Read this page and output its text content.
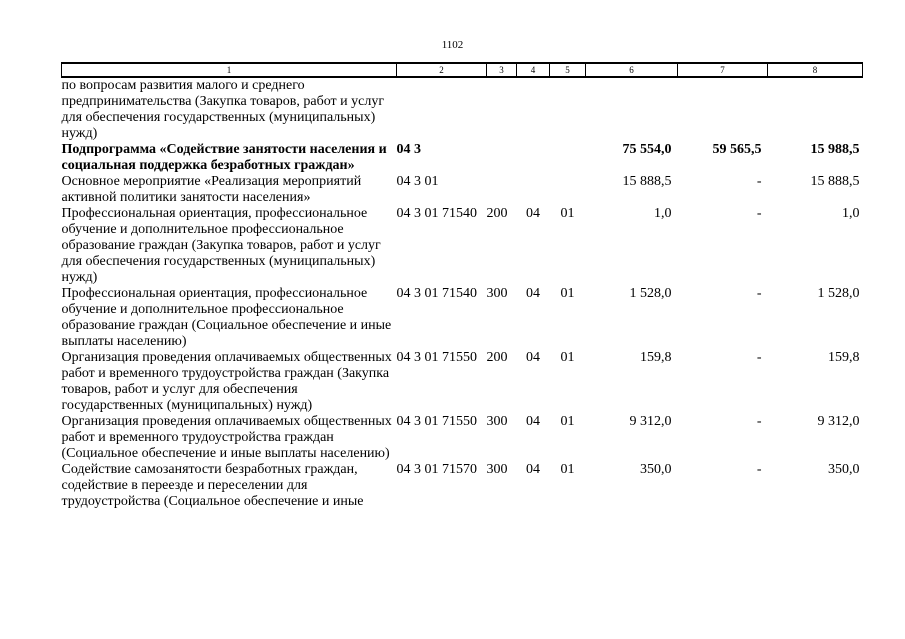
1102
1	2	3	4	5	6	7	8
по вопросам развития малого и среднего предпринимательства (Закупка товаров, работ и услуг для обеспечения государственных (муниципальных) нужд)							
Подпрограмма «Содействие занятости населения и социальная поддержка безработных граждан»	04 3				75 554,0	59 565,5	15 988,5
Основное мероприятие «Реализация мероприятий активной политики занятости населения»	04 3 01				15 888,5	-	15 888,5
Профессиональная ориентация, профессиональное обучение и дополнительное профессиональное образование граждан (Закупка товаров, работ и услуг для обеспечения государственных (муниципальных) нужд)	04 3 01 71540	200	04	01	1,0	-	1,0
Профессиональная ориентация, профессиональное обучение и дополнительное профессиональное образование граждан (Социальное обеспечение и иные выплаты населению)	04 3 01 71540	300	04	01	1 528,0	-	1 528,0
Организация проведения оплачиваемых общественных работ и временного трудоустройства граждан (Закупка товаров, работ и услуг для обеспечения государственных (муниципальных) нужд)	04 3 01 71550	200	04	01	159,8	-	159,8
Организация проведения оплачиваемых общественных работ и временного трудоустройства граждан (Социальное обеспечение и иные выплаты населению)	04 3 01 71550	300	04	01	9 312,0	-	9 312,0
Содействие самозанятости безработных граждан, содействие в переезде и переселении для трудоустройства (Социальное обеспечение и иные	04 3 01 71570	300	04	01	350,0	-	350,0
